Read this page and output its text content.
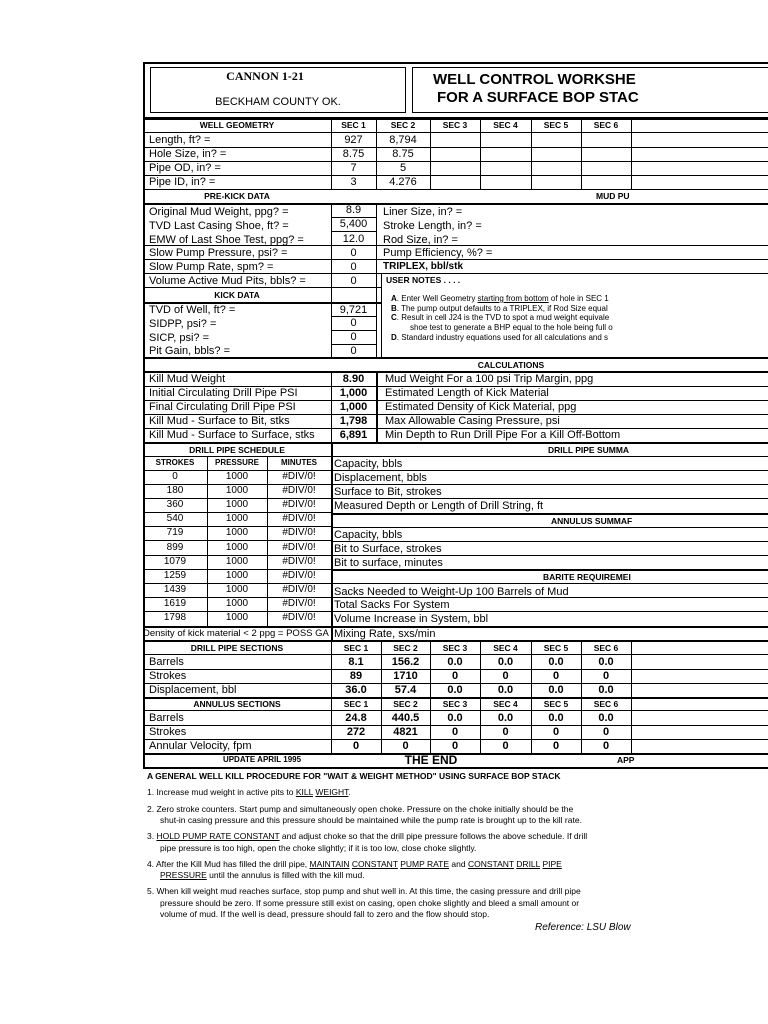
CANNON 1-21
BECKHAM COUNTY OK.
WELL CONTROL WORKSHE
FOR A SURFACE BOP STAC
WELL GEOMETRY	SEC 1	SEC 2	SEC 3	SEC 4	SEC 5	SEC 6
Length, ft? =	927	8,794
Hole Size, in? =	8.75	8.75
Pipe OD, in? =	7	5
Pipe ID, in? =	3	4.276
PRE-KICK DATA	MUD PU
Original Mud Weight, ppg? =	8.9	Liner Size, in? =
TVD Last Casing Shoe, ft? =	5,400	Stroke Length, in? =
EMW of Last Shoe Test, ppg? =	12.0	Rod Size, in? =
Slow Pump Pressure, psi? =	0	Pump Efficiency, %? =
Slow Pump Rate, spm? =	0	TRIPLEX, bbl/stk
Volume Active Mud Pits, bbls? =	0	USER NOTES . . . .
KICK DATA
TVD of Well, ft? =	9,721
SIDPP, psi? =	0
SICP, psi? =	0
Pit Gain, bbls? =	0
A. Enter Well Geometry starting from bottom of hole in SEC 1
B. The pump output defaults to a TRIPLEX, if Rod Size equal
C. Result in cell J24 is the TVD to spot a mud weight equivale
shoe test to generate a BHP equal to the hole being full o
D. Standard industry equations used for all calculations and s
CALCULATIONS
Kill Mud Weight	8.90	Mud Weight For a 100 psi Trip Margin, ppg
Initial Circulating Drill Pipe PSI	1,000	Estimated Length of Kick Material
Final Circulating Drill Pipe PSI	1,000	Estimated Density of Kick Material, ppg
Kill Mud - Surface to Bit, stks	1,798	Max Allowable Casing Pressure, psi
Kill Mud - Surface to Surface, stks	6,891	Min Depth to Run Drill Pipe For a Kill Off-Bottom
DRILL PIPE SCHEDULE	DRILL PIPE SUMMA
STROKES	PRESSURE	MINUTES
0	1000	#DIV/0!
180	1000	#DIV/0!
360	1000	#DIV/0!
540	1000	#DIV/0!
719	1000	#DIV/0!
899	1000	#DIV/0!
1079	1000	#DIV/0!
1259	1000	#DIV/0!
1439	1000	#DIV/0!
1619	1000	#DIV/0!
1798	1000	#DIV/0!
Density of kick material < 2 ppg = POSS GA
Capacity, bbls
Displacement, bbls
Surface to Bit, strokes
Measured Depth or Length of Drill String, ft
ANNULUS SUMMAF
Capacity, bbls
Bit to Surface, strokes
Bit to surface, minutes
BARITE REQUIREMEI
Sacks Needed to Weight-Up 100 Barrels of Mud
Total Sacks For System
Volume Increase in System, bbl
Mixing Rate, sxs/min
DRILL PIPE SECTIONS	SEC 1	SEC 2	SEC 3	SEC 4	SEC 5	SEC 6
Barrels	8.1	156.2	0.0	0.0	0.0	0.0
Strokes	89	1710	0	0	0	0
Displacement, bbl	36.0	57.4	0.0	0.0	0.0	0.0
ANNULUS SECTIONS	SEC 1	SEC 2	SEC 3	SEC 4	SEC 5	SEC 6
Barrels	24.8	440.5	0.0	0.0	0.0	0.0
Strokes	272	4821	0	0	0	0
Annular Velocity, fpm	0	0	0	0	0	0
UPDATE APRIL 1995	THE END	APP
A GENERAL WELL KILL PROCEDURE FOR "WAIT & WEIGHT METHOD" USING SURFACE BOP STACK
1. Increase mud weight in active pits to KILL WEIGHT.
2. Zero stroke counters. Start pump and simultaneously open choke. Pressure on the choke initially should be the
shut-in casing pressure and this pressure should be maintained while the pump rate is brought up to the kill rate.
3. HOLD PUMP RATE CONSTANT and adjust choke so that the drill pipe pressure follows the above schedule. If drill
pipe pressure is too high, open the choke slightly; if it is too low, close choke slightly.
4. After the Kill Mud has filled the drill pipe, MAINTAIN CONSTANT PUMP RATE and CONSTANT DRILL PIPE
PRESSURE until the annulus is filled with the kill mud.
5. When kill weight mud reaches surface, stop pump and shut well in. At this time, the casing pressure and drill pipe
pressure should be zero. If some pressure still exist on casing, open choke slightly and bleed a small amount or
volume of mud. If the well is dead, pressure should fall to zero and the flow should stop.
Reference: LSU Blow
